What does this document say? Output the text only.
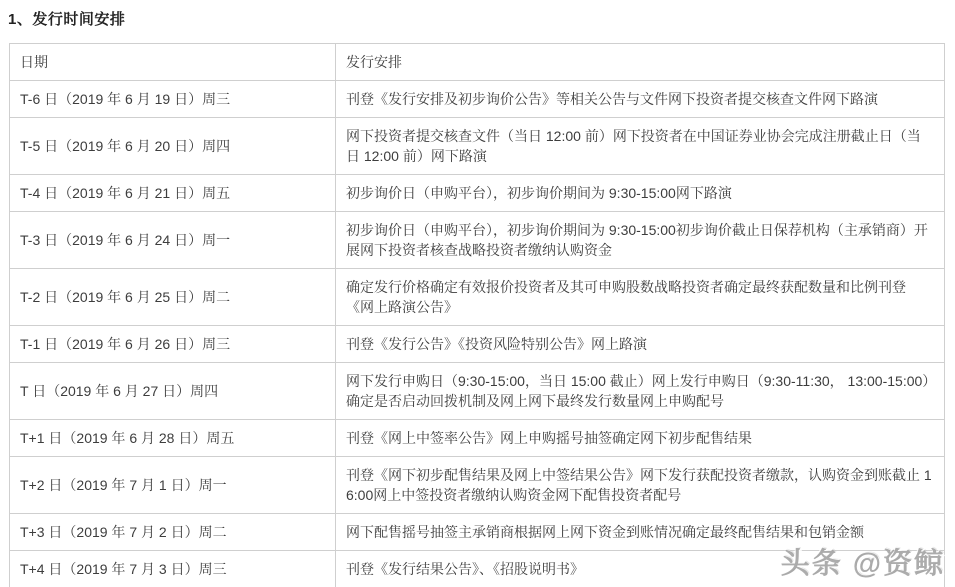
1、发行时间安排
日期	发行安排
T-6 日（2019 年 6 月 19 日）周三	刊登《发行安排及初步询价公告》等相关公告与文件网下投资者提交核查文件网下路演
T-5 日（2019 年 6 月 20 日）周四	网下投资者提交核查文件（当日 12:00 前）网下投资者在中国证券业协会完成注册截止日（当日 12:00 前）网下路演
T-4 日（2019 年 6 月 21 日）周五	初步询价日（申购平台），初步询价期间为 9:30-15:00网下路演
T-3 日（2019 年 6 月 24 日）周一	初步询价日（申购平台），初步询价期间为 9:30-15:00初步询价截止日保荐机构（主承销商）开展网下投资者核查战略投资者缴纳认购资金
T-2 日（2019 年 6 月 25 日）周二	确定发行价格确定有效报价投资者及其可申购股数战略投资者确定最终获配数量和比例刊登《网上路演公告》
T-1 日（2019 年 6 月 26 日）周三	刊登《发行公告》《投资风险特别公告》网上路演
T 日（2019 年 6 月 27 日）周四	网下发行申购日（9:30-15:00，当日 15:00 截止）网上发行申购日（9:30-11:30， 13:00-15:00）确定是否启动回拨机制及网上网下最终发行数量网上申购配号
T+1 日（2019 年 6 月 28 日）周五	刊登《网上中签率公告》网上申购摇号抽签确定网下初步配售结果
T+2 日（2019 年 7 月 1 日）周一	刊登《网下初步配售结果及网上中签结果公告》网下发行获配投资者缴款，认购资金到账截止 16:00网上中签投资者缴纳认购资金网下配售投资者配号
T+3 日（2019 年 7 月 2 日）周二	网下配售摇号抽签主承销商根据网上网下资金到账情况确定最终配售结果和包销金额
T+4 日（2019 年 7 月 3 日）周三	刊登《发行结果公告》、《招股说明书》	头条 @资鲸
